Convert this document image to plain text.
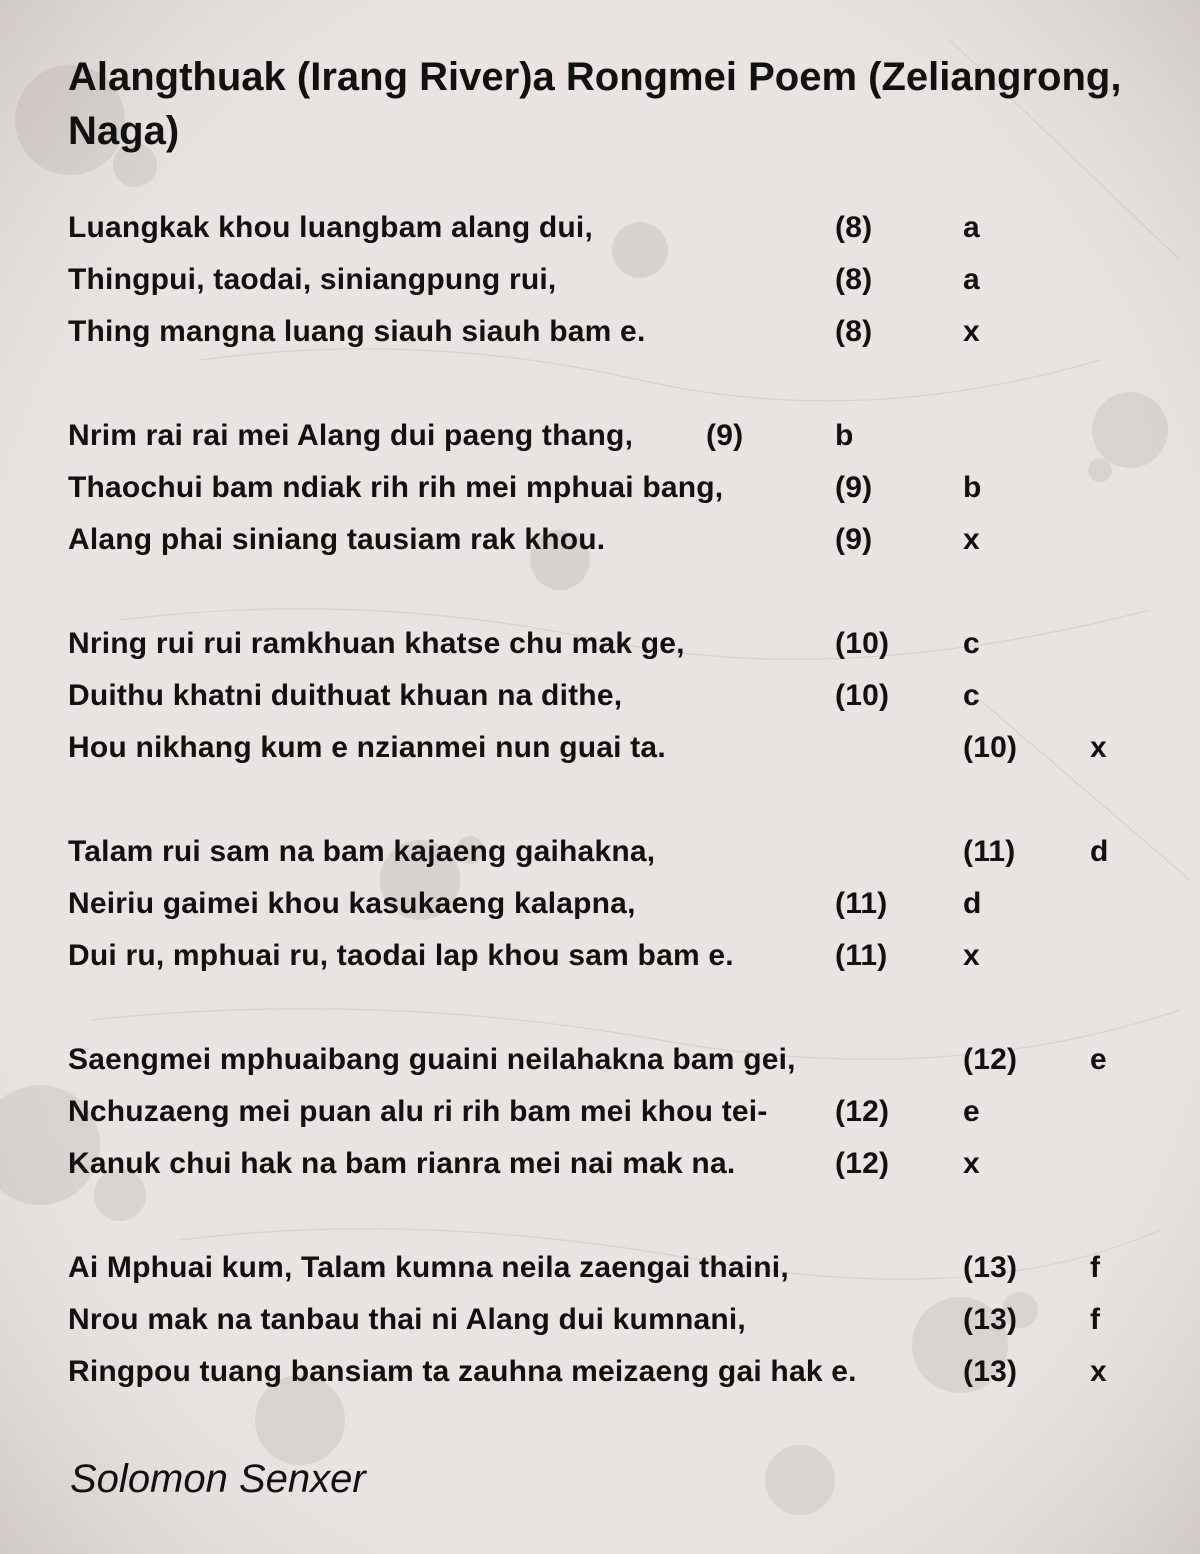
Alangthuak (Irang River)a Rongmei Poem (Zeliangrong,
Naga)
Luangkak khou luangbam alang dui,	(8)	a
Thingpui, taodai, siniangpung rui,	(8)	a
Thing mangna luang siauh siauh bam e.	(8)	x
Nrim rai rai mei Alang dui paeng thang, (9)	b
Thaochui bam ndiak rih rih mei mphuai bang,	(9)	b
Alang phai siniang tausiam rak khou.	(9)	x
Nring rui rui ramkhuan khatse chu mak ge,	(10) c
Duithu khatni duithuat khuan na dithe,	(10) c
Hou nikhang kum e nzianmei nun guai ta.	(10) x
Talam rui sam na bam kajaeng gaihakna,	(11) d
Neiriu gaimei khou kasukaeng kalapna,	(11)	d
Dui ru, mphuai ru, taodai lap khou sam bam e.	(11)	x
Saengmei mphuaibang guaini neilahakna bam gei,	(12) e
Nchuzaeng mei puan alu ri rih bam mei khou tei- (12) e
Kanuk chui hak na bam rianra mei nai mak na.	(12) x
Ai Mphuai kum, Talam kumna neila zaengai thaini,	(13) f
Nrou mak na tanbau thai ni Alang dui kumnani,	(13) f
Ringpou tuang bansiam ta zauhna meizaeng gai hak e.	(13) x
Solomon Senxer
